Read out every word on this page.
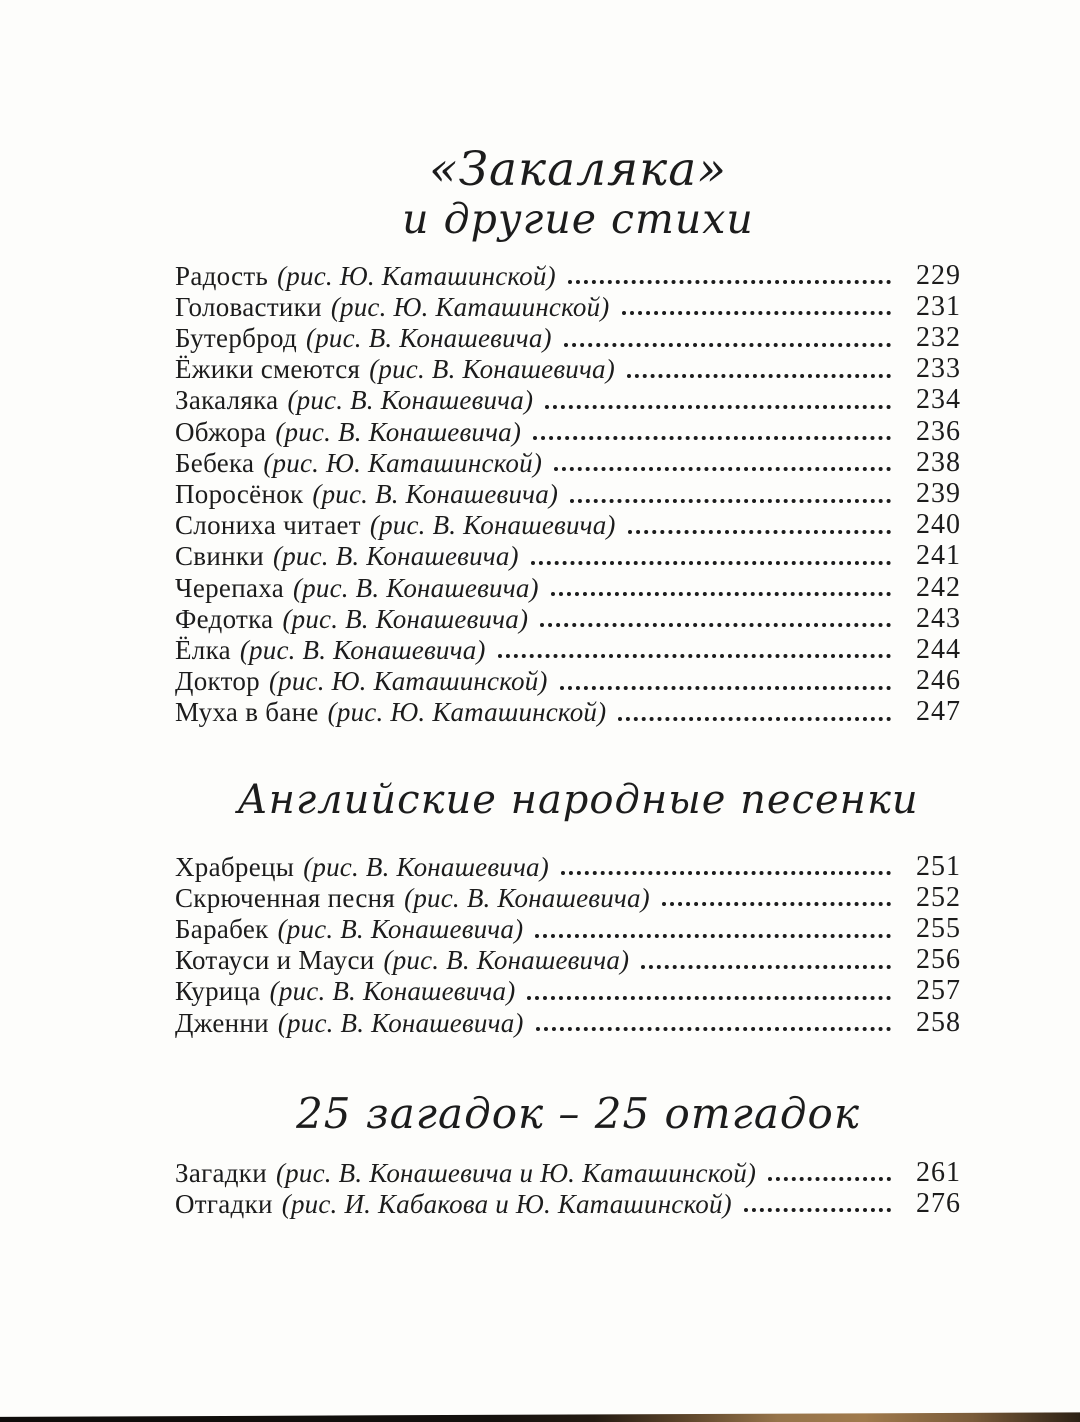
«Закаляка»
и другие стихи
Радость (рис. Ю. Каташинской)	229
Головастики (рис. Ю. Каташинской)	231
Бутерброд (рис. В. Конашевича)	232
Ёжики смеются (рис. В. Конашевича)	233
Закаляка (рис. В. Конашевича)	234
Обжора (рис. В. Конашевича)	236
Бебека (рис. Ю. Каташинской)	238
Поросёнок (рис. В. Конашевича)	239
Слониха читает (рис. В. Конашевича)	240
Свинки (рис. В. Конашевича)	241
Черепаха (рис. В. Конашевича)	242
Федотка (рис. В. Конашевича)	243
Ёлка (рис. В. Конашевича)	244
Доктор (рис. Ю. Каташинской)	246
Муха в бане (рис. Ю. Каташинской)	247
Английские народные песенки
Храбрецы (рис. В. Конашевича)	251
Скрюченная песня (рис. В. Конашевича)	252
Барабек (рис. В. Конашевича)	255
Котауси и Мауси (рис. В. Конашевича)	256
Курица (рис. В. Конашевича)	257
Дженни (рис. В. Конашевича)	258
25 загадок – 25 отгадок
Загадки (рис. В. Конашевича и Ю. Каташинской)	261
Отгадки (рис. И. Кабакова и Ю. Каташинской)	276
